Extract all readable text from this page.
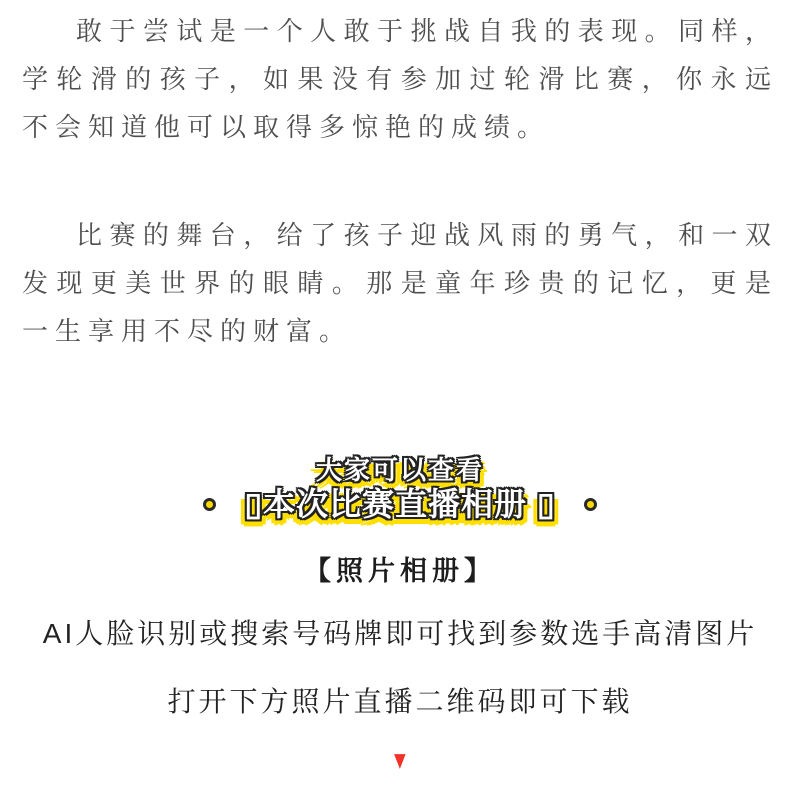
敢于尝试是一个人敢于挑战自我的表现。同样，学轮滑的孩子，如果没有参加过轮滑比赛，你永远不会知道他可以取得多惊艳的成绩。

比赛的舞台，给了孩子迎战风雨的勇气，和一双发现更美世界的眼睛。那是童年珍贵的记忆，更是一生享用不尽的财富。

大家可以查看
▯本次比赛直播相册 ▯
【照片相册】

AI人脸识别或搜索号码牌即可找到参数选手高清图片

打开下方照片直播二维码即可下载

▼
